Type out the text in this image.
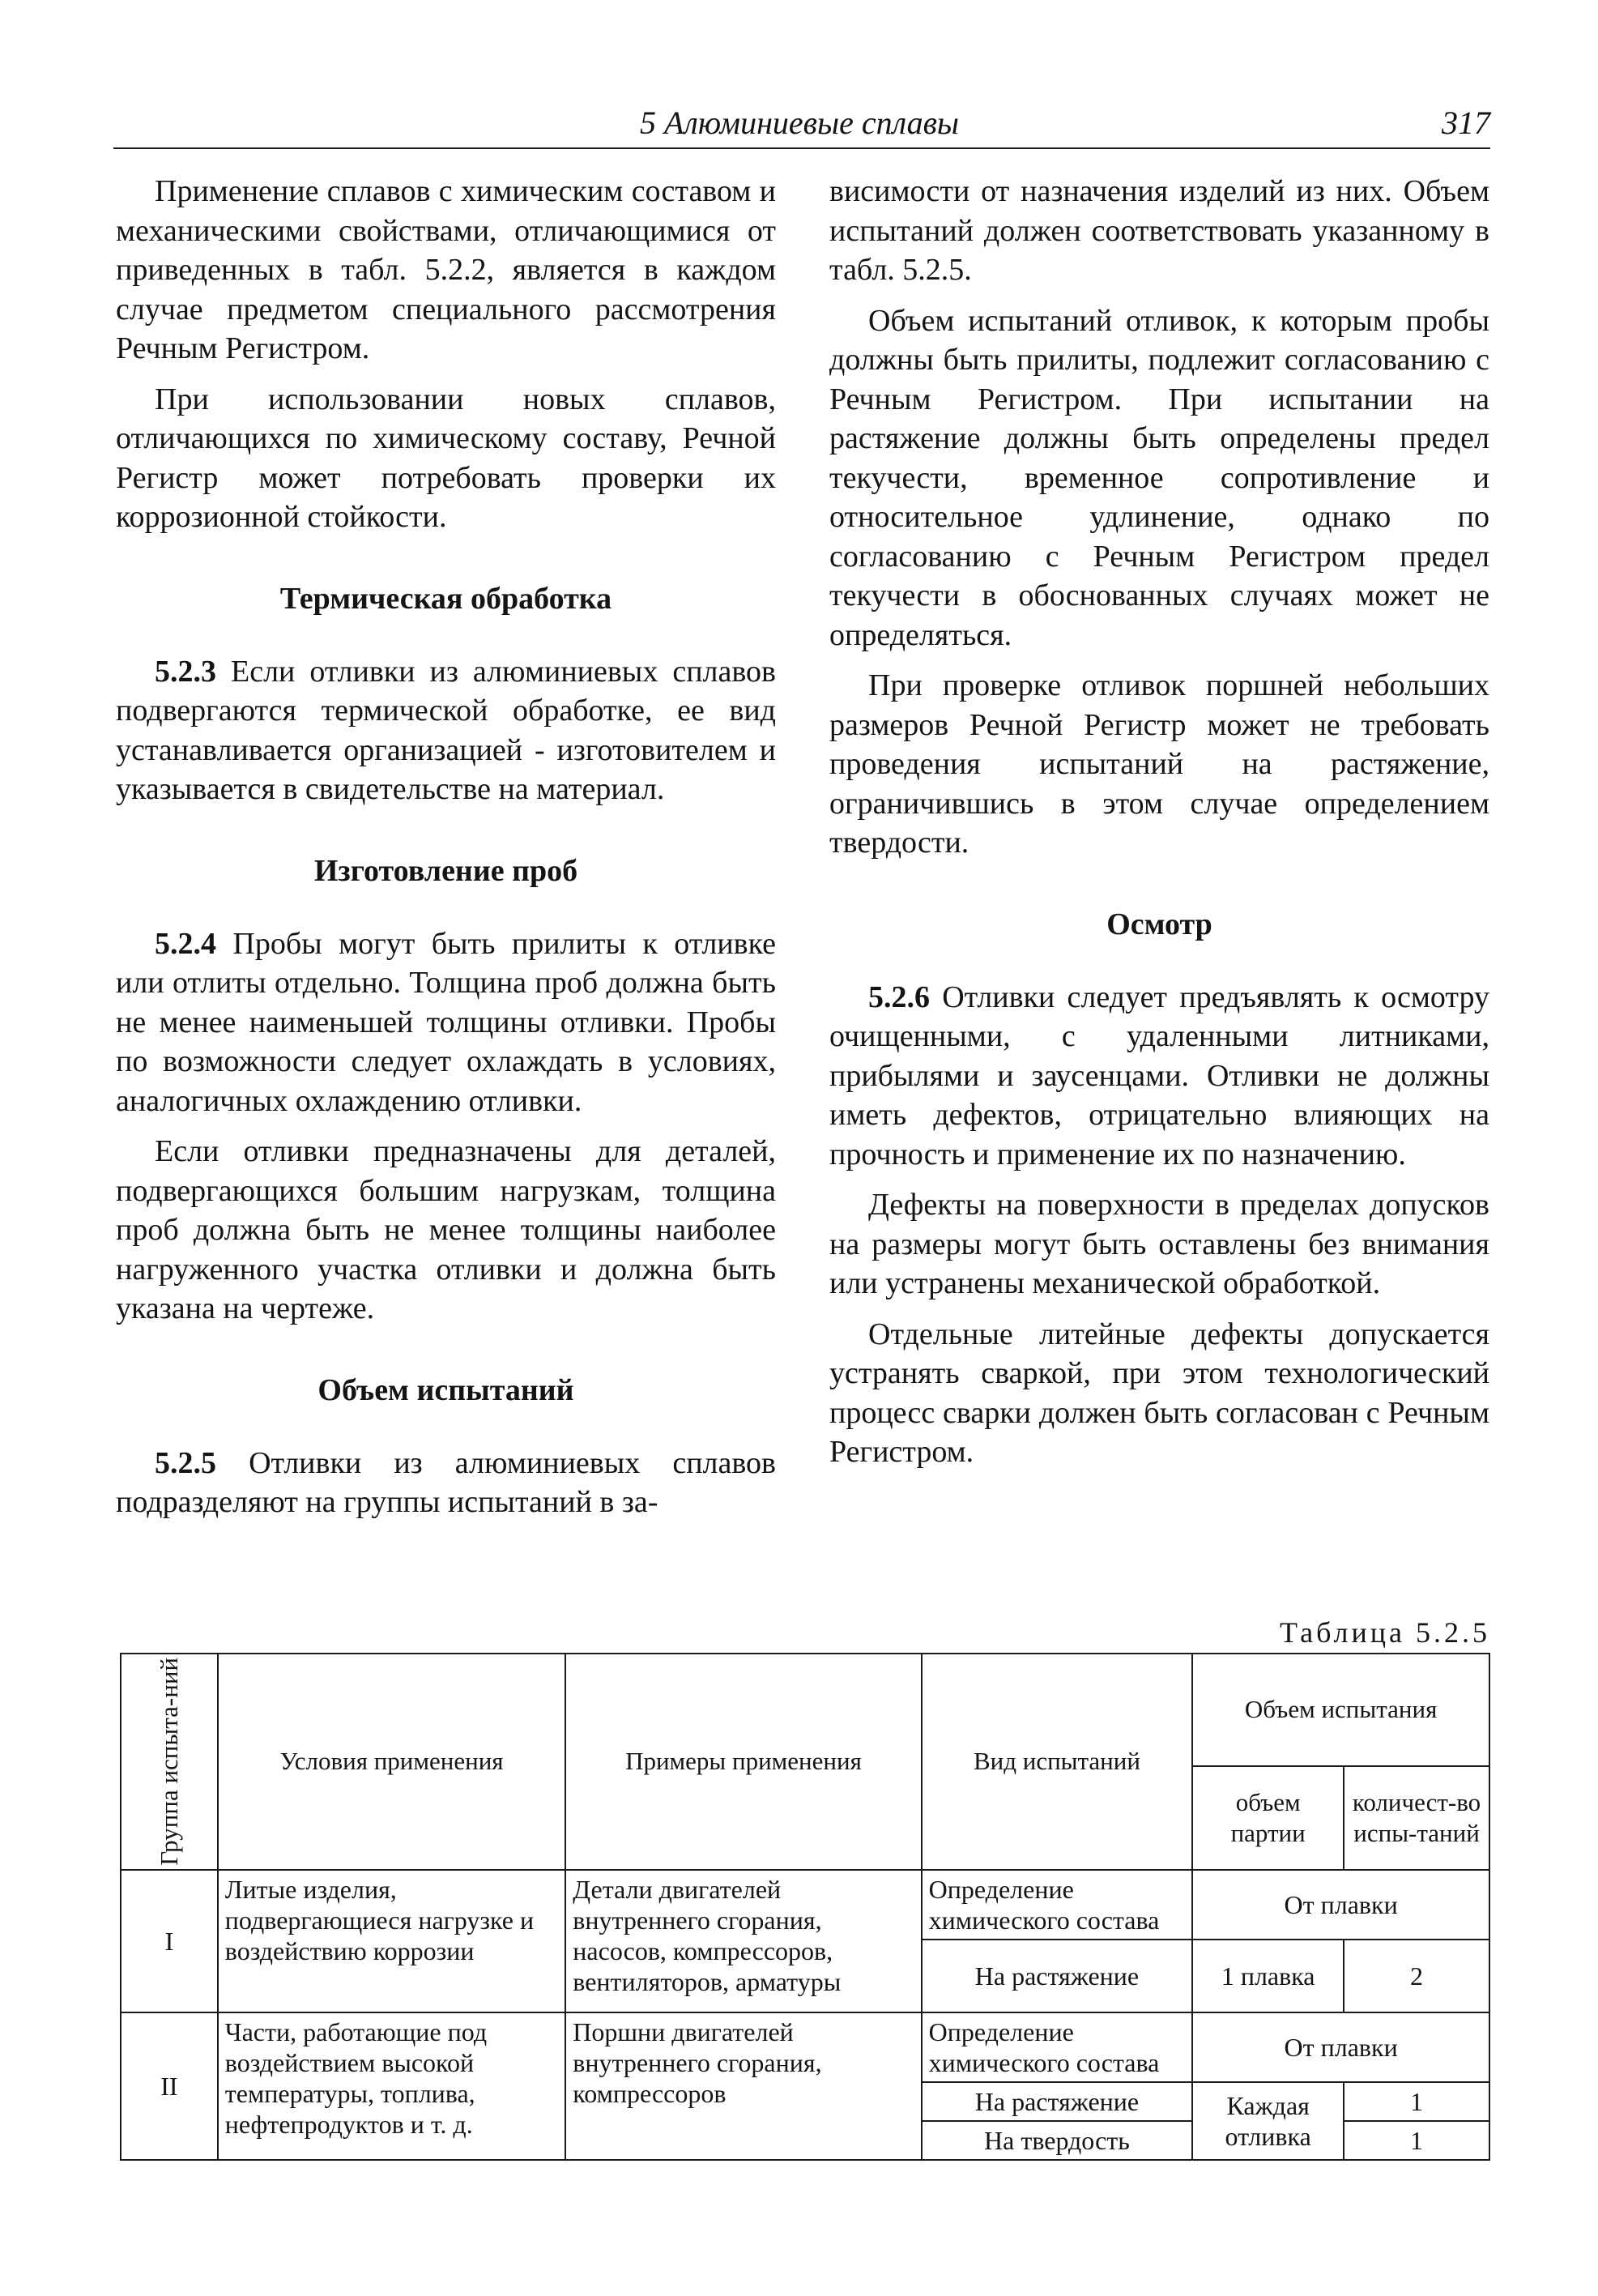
5 Алюминиевые сплавы	317

Применение сплавов с химическим составом и механическими свойствами, отличающимися от приведенных в табл. 5.2.2, является в каждом случае предметом специального рассмотрения Речным Регистром.

При использовании новых сплавов, отличающихся по химическому составу, Речной Регистр может потребовать проверки их коррозионной стойкости.

Термическая обработка

5.2.3 Если отливки из алюминиевых сплавов подвергаются термической обработке, ее вид устанавливается организацией - изготовителем и указывается в свидетельстве на материал.

Изготовление проб

5.2.4 Пробы могут быть прилиты к отливке или отлиты отдельно. Толщина проб должна быть не менее наименьшей толщины отливки. Пробы по возможности следует охлаждать в условиях, аналогичных охлаждению отливки.

Если отливки предназначены для деталей, подвергающихся большим нагрузкам, толщина проб должна быть не менее толщины наиболее нагруженного участка отливки и должна быть указана на чертеже.

Объем испытаний

5.2.5 Отливки из алюминиевых сплавов подразделяют на группы испытаний в за-

висимости от назначения изделий из них. Объем испытаний должен соответствовать указанному в табл. 5.2.5.

Объем испытаний отливок, к которым пробы должны быть прилиты, подлежит согласованию с Речным Регистром. При испытании на растяжение должны быть определены предел текучести, временное сопротивление и относительное удлинение, однако по согласованию с Речным Регистром предел текучести в обоснованных случаях может не определяться.

При проверке отливок поршней небольших размеров Речной Регистр может не требовать проведения испытаний на растяжение, ограничившись в этом случае определением твердости.

Осмотр

5.2.6 Отливки следует предъявлять к осмотру очищенными, с удаленными литниками, прибылями и заусенцами. Отливки не должны иметь дефектов, отрицательно влияющих на прочность и применение их по назначению.

Дефекты на поверхности в пределах допусков на размеры могут быть оставлены без внимания или устранены механической обработкой.

Отдельные литейные дефекты допускается устранять сваркой, при этом технологический процесс сварки должен быть согласован с Речным Регистром.

Таблица 5.2.5
Группа испыта-ний	Условия применения	Примеры применения	Вид испытаний	Объем испытания	
				объем партии	количест-во испы-таний
I	Литые изделия, подвергающиеся нагрузке и воздействию коррозии	Детали двигателей внутреннего сгорания, насосов, компрессоров, вентиляторов, арматуры	Определение химического состава	От плавки	
			На растяжение	1 плавка	2
II	Части, работающие под воздействием высокой температуры, топлива, нефтепродуктов и т. д.	Поршни двигателей внутреннего сгорания, компрессоров	Определение химического состава	От плавки	
			На растяжение	Каждая отливка	1
			На твердость		1
